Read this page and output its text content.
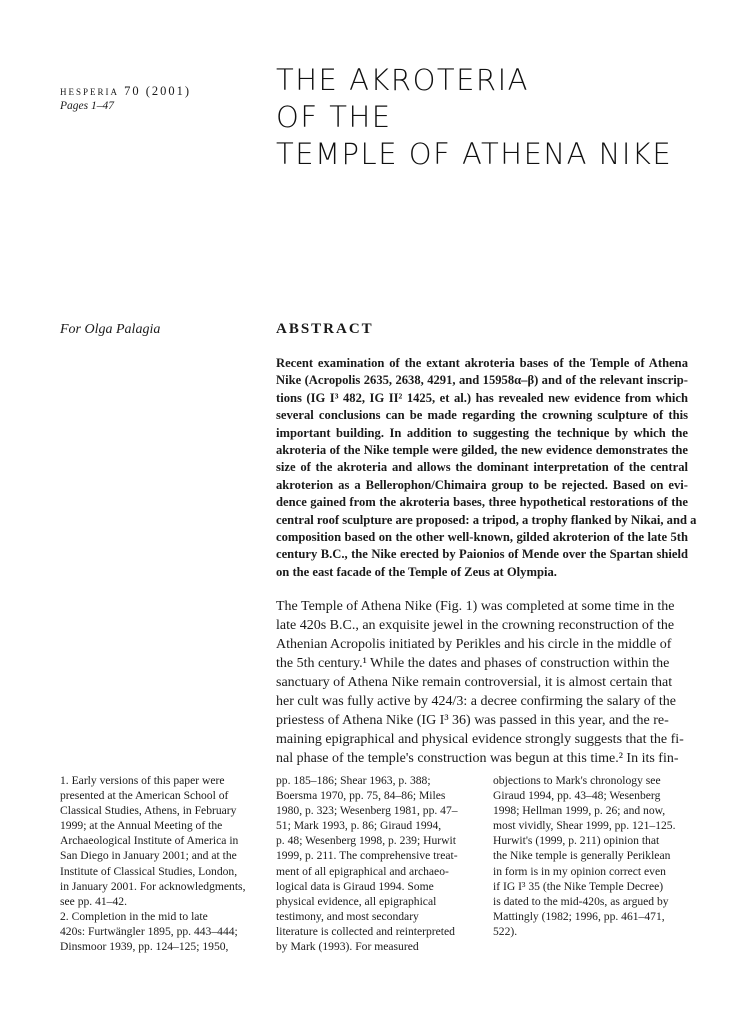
hesperia 70 (2001)
Pages 1–47
THE AKROTERIA
OF THE
TEMPLE OF ATHENA NIKE
For Olga Palagia	ABSTRACT
Recent examination of the extant akroteria bases of the Temple of Athena
Nike (Acropolis 2635, 2638, 4291, and 15958α–β) and of the relevant inscrip-
tions (IG I³ 482, IG II² 1425, et al.) has revealed new evidence from which
several conclusions can be made regarding the crowning sculpture of this
important building. In addition to suggesting the technique by which the
akroteria of the Nike temple were gilded, the new evidence demonstrates the
size of the akroteria and allows the dominant interpretation of the central
akroterion as a Bellerophon/Chimaira group to be rejected. Based on evi-
dence gained from the akroteria bases, three hypothetical restorations of the
central roof sculpture are proposed: a tripod, a trophy flanked by Nikai, and a
composition based on the other well-known, gilded akroterion of the late 5th
century B.C., the Nike erected by Paionios of Mende over the Spartan shield
on the east facade of the Temple of Zeus at Olympia.
The Temple of Athena Nike (Fig. 1) was completed at some time in the
late 420s B.C., an exquisite jewel in the crowning reconstruction of the
Athenian Acropolis initiated by Perikles and his circle in the middle of
the 5th century.¹ While the dates and phases of construction within the
sanctuary of Athena Nike remain controversial, it is almost certain that
her cult was fully active by 424/3: a decree confirming the salary of the
priestess of Athena Nike (IG I³ 36) was passed in this year, and the re-
maining epigraphical and physical evidence strongly suggests that the fi-
nal phase of the temple's construction was begun at this time.² In its fin-
1. Early versions of this paper were
presented at the American School of
Classical Studies, Athens, in February
1999; at the Annual Meeting of the
Archaeological Institute of America in
San Diego in January 2001; and at the
Institute of Classical Studies, London,
in January 2001. For acknowledgments,
see pp. 41–42.
2. Completion in the mid to late
420s: Furtwängler 1895, pp. 443–444;
Dinsmoor 1939, pp. 124–125; 1950,
pp. 185–186; Shear 1963, p. 388;
Boersma 1970, pp. 75, 84–86; Miles
1980, p. 323; Wesenberg 1981, pp. 47–
51; Mark 1993, p. 86; Giraud 1994,
p. 48; Wesenberg 1998, p. 239; Hurwit
1999, p. 211. The comprehensive treat-
ment of all epigraphical and archaeo-
logical data is Giraud 1994. Some
physical evidence, all epigraphical
testimony, and most secondary
literature is collected and reinterpreted
by Mark (1993). For measured
objections to Mark's chronology see
Giraud 1994, pp. 43–48; Wesenberg
1998; Hellman 1999, p. 26; and now,
most vividly, Shear 1999, pp. 121–125.
Hurwit's (1999, p. 211) opinion that
the Nike temple is generally Periklean
in form is in my opinion correct even
if IG I³ 35 (the Nike Temple Decree)
is dated to the mid-420s, as argued by
Mattingly (1982; 1996, pp. 461–471,
522).
